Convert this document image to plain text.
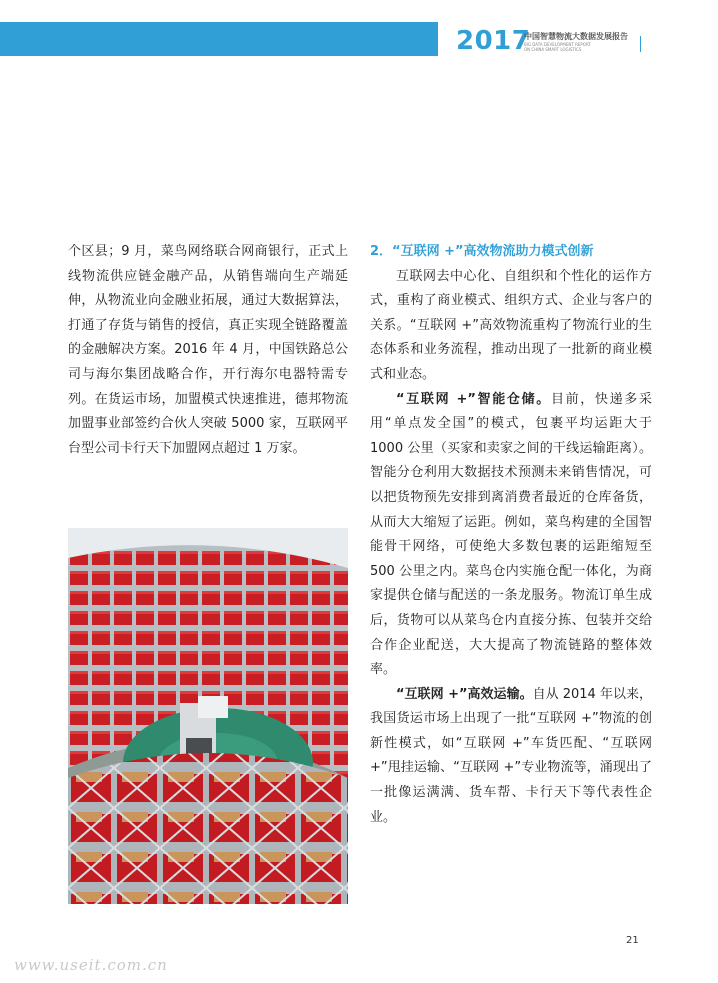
2017
中国智慧物流大数据发展报告
BIG DATA DEVELOPMENT REPORT
ON CHINA SMART LOGISTICS
个区县；9 月，菜鸟网络联合网商银行，正式上线物流供应链金融产品，从销售端向生产端延伸，从物流业向金融业拓展，通过大数据算法，打通了存货与销售的授信，真正实现全链路覆盖的金融解决方案。2016 年 4 月，中国铁路总公司与海尔集团战略合作，开行海尔电器特需专列。在货运市场，加盟模式快速推进，德邦物流加盟事业部签约合伙人突破 5000 家，互联网平台型公司卡行天下加盟网点超过 1 万家。
2．“互联网 +”高效物流助力模式创新
互联网去中心化、自组织和个性化的运作方式，重构了商业模式、组织方式、企业与客户的关系。“互联网 +”高效物流重构了物流行业的生态体系和业务流程，推动出现了一批新的商业模式和业态。
“互联网 +”智能仓储。目前，快递多采用“单点发全国”的模式，包裹平均运距大于 1000 公里（买家和卖家之间的干线运输距离）。智能分仓利用大数据技术预测未来销售情况，可以把货物预先安排到离消费者最近的仓库备货，从而大大缩短了运距。例如，菜鸟构建的全国智能骨干网络，可使绝大多数包裹的运距缩短至 500 公里之内。菜鸟仓内实施仓配一体化，为商家提供仓储与配送的一条龙服务。物流订单生成后，货物可以从菜鸟仓内直接分拣、包装并交给合作企业配送，大大提高了物流链路的整体效率。
“互联网 +”高效运输。自从 2014 年以来，我国货运市场上出现了一批“互联网 +”物流的创新性模式，如“互联网 +”车货匹配、“互联网 +”甩挂运输、“互联网 +”专业物流等，涌现出了一批像运满满、货车帮、卡行天下等代表性企业。
21
www.useit.com.cn
